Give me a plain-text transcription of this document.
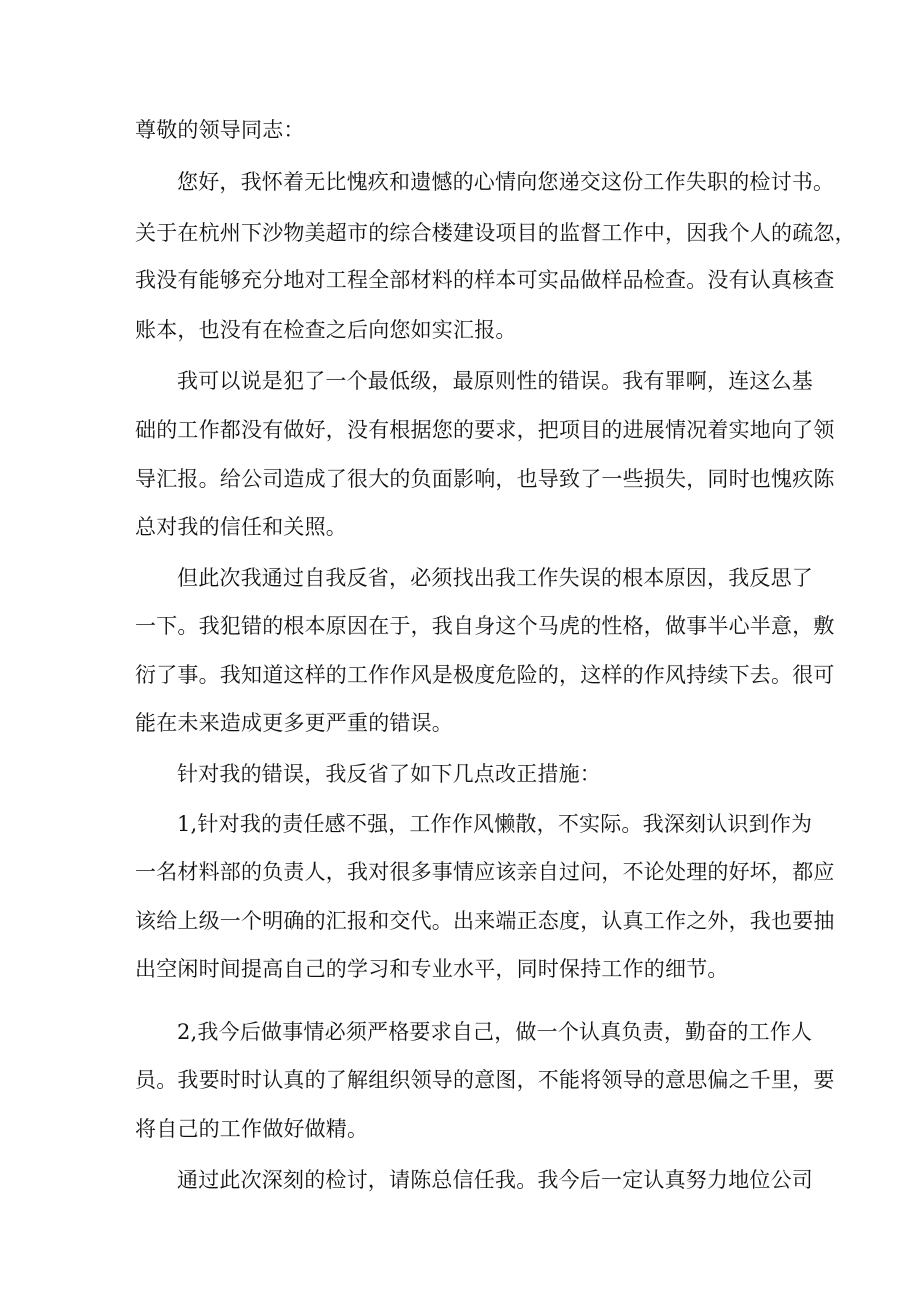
尊敬的领导同志：
您好，我怀着无比愧疚和遗憾的心情向您递交这份工作失职的检讨书。
关于在杭州下沙物美超市的综合楼建设项目的监督工作中，因我个人的疏忽，
我没有能够充分地对工程全部材料的样本可实品做样品检查。没有认真核查
账本，也没有在检查之后向您如实汇报。
我可以说是犯了一个最低级，最原则性的错误。我有罪啊，连这么基
础的工作都没有做好，没有根据您的要求，把项目的进展情况着实地向了领
导汇报。给公司造成了很大的负面影响，也导致了一些损失，同时也愧疚陈
总对我的信任和关照。
但此次我通过自我反省，必须找出我工作失误的根本原因，我反思了
一下。我犯错的根本原因在于，我自身这个马虎的性格，做事半心半意，敷
衍了事。我知道这样的工作作风是极度危险的，这样的作风持续下去。很可
能在未来造成更多更严重的错误。
针对我的错误，我反省了如下几点改正措施：
1,针对我的责任感不强，工作作风懒散，不实际。我深刻认识到作为
一名材料部的负责人，我对很多事情应该亲自过问，不论处理的好坏，都应
该给上级一个明确的汇报和交代。出来端正态度，认真工作之外，我也要抽
出空闲时间提高自己的学习和专业水平，同时保持工作的细节。
2,我今后做事情必须严格要求自己，做一个认真负责，勤奋的工作人
员。我要时时认真的了解组织领导的意图，不能将领导的意思偏之千里，要
将自己的工作做好做精。
通过此次深刻的检讨，请陈总信任我。我今后一定认真努力地位公司
